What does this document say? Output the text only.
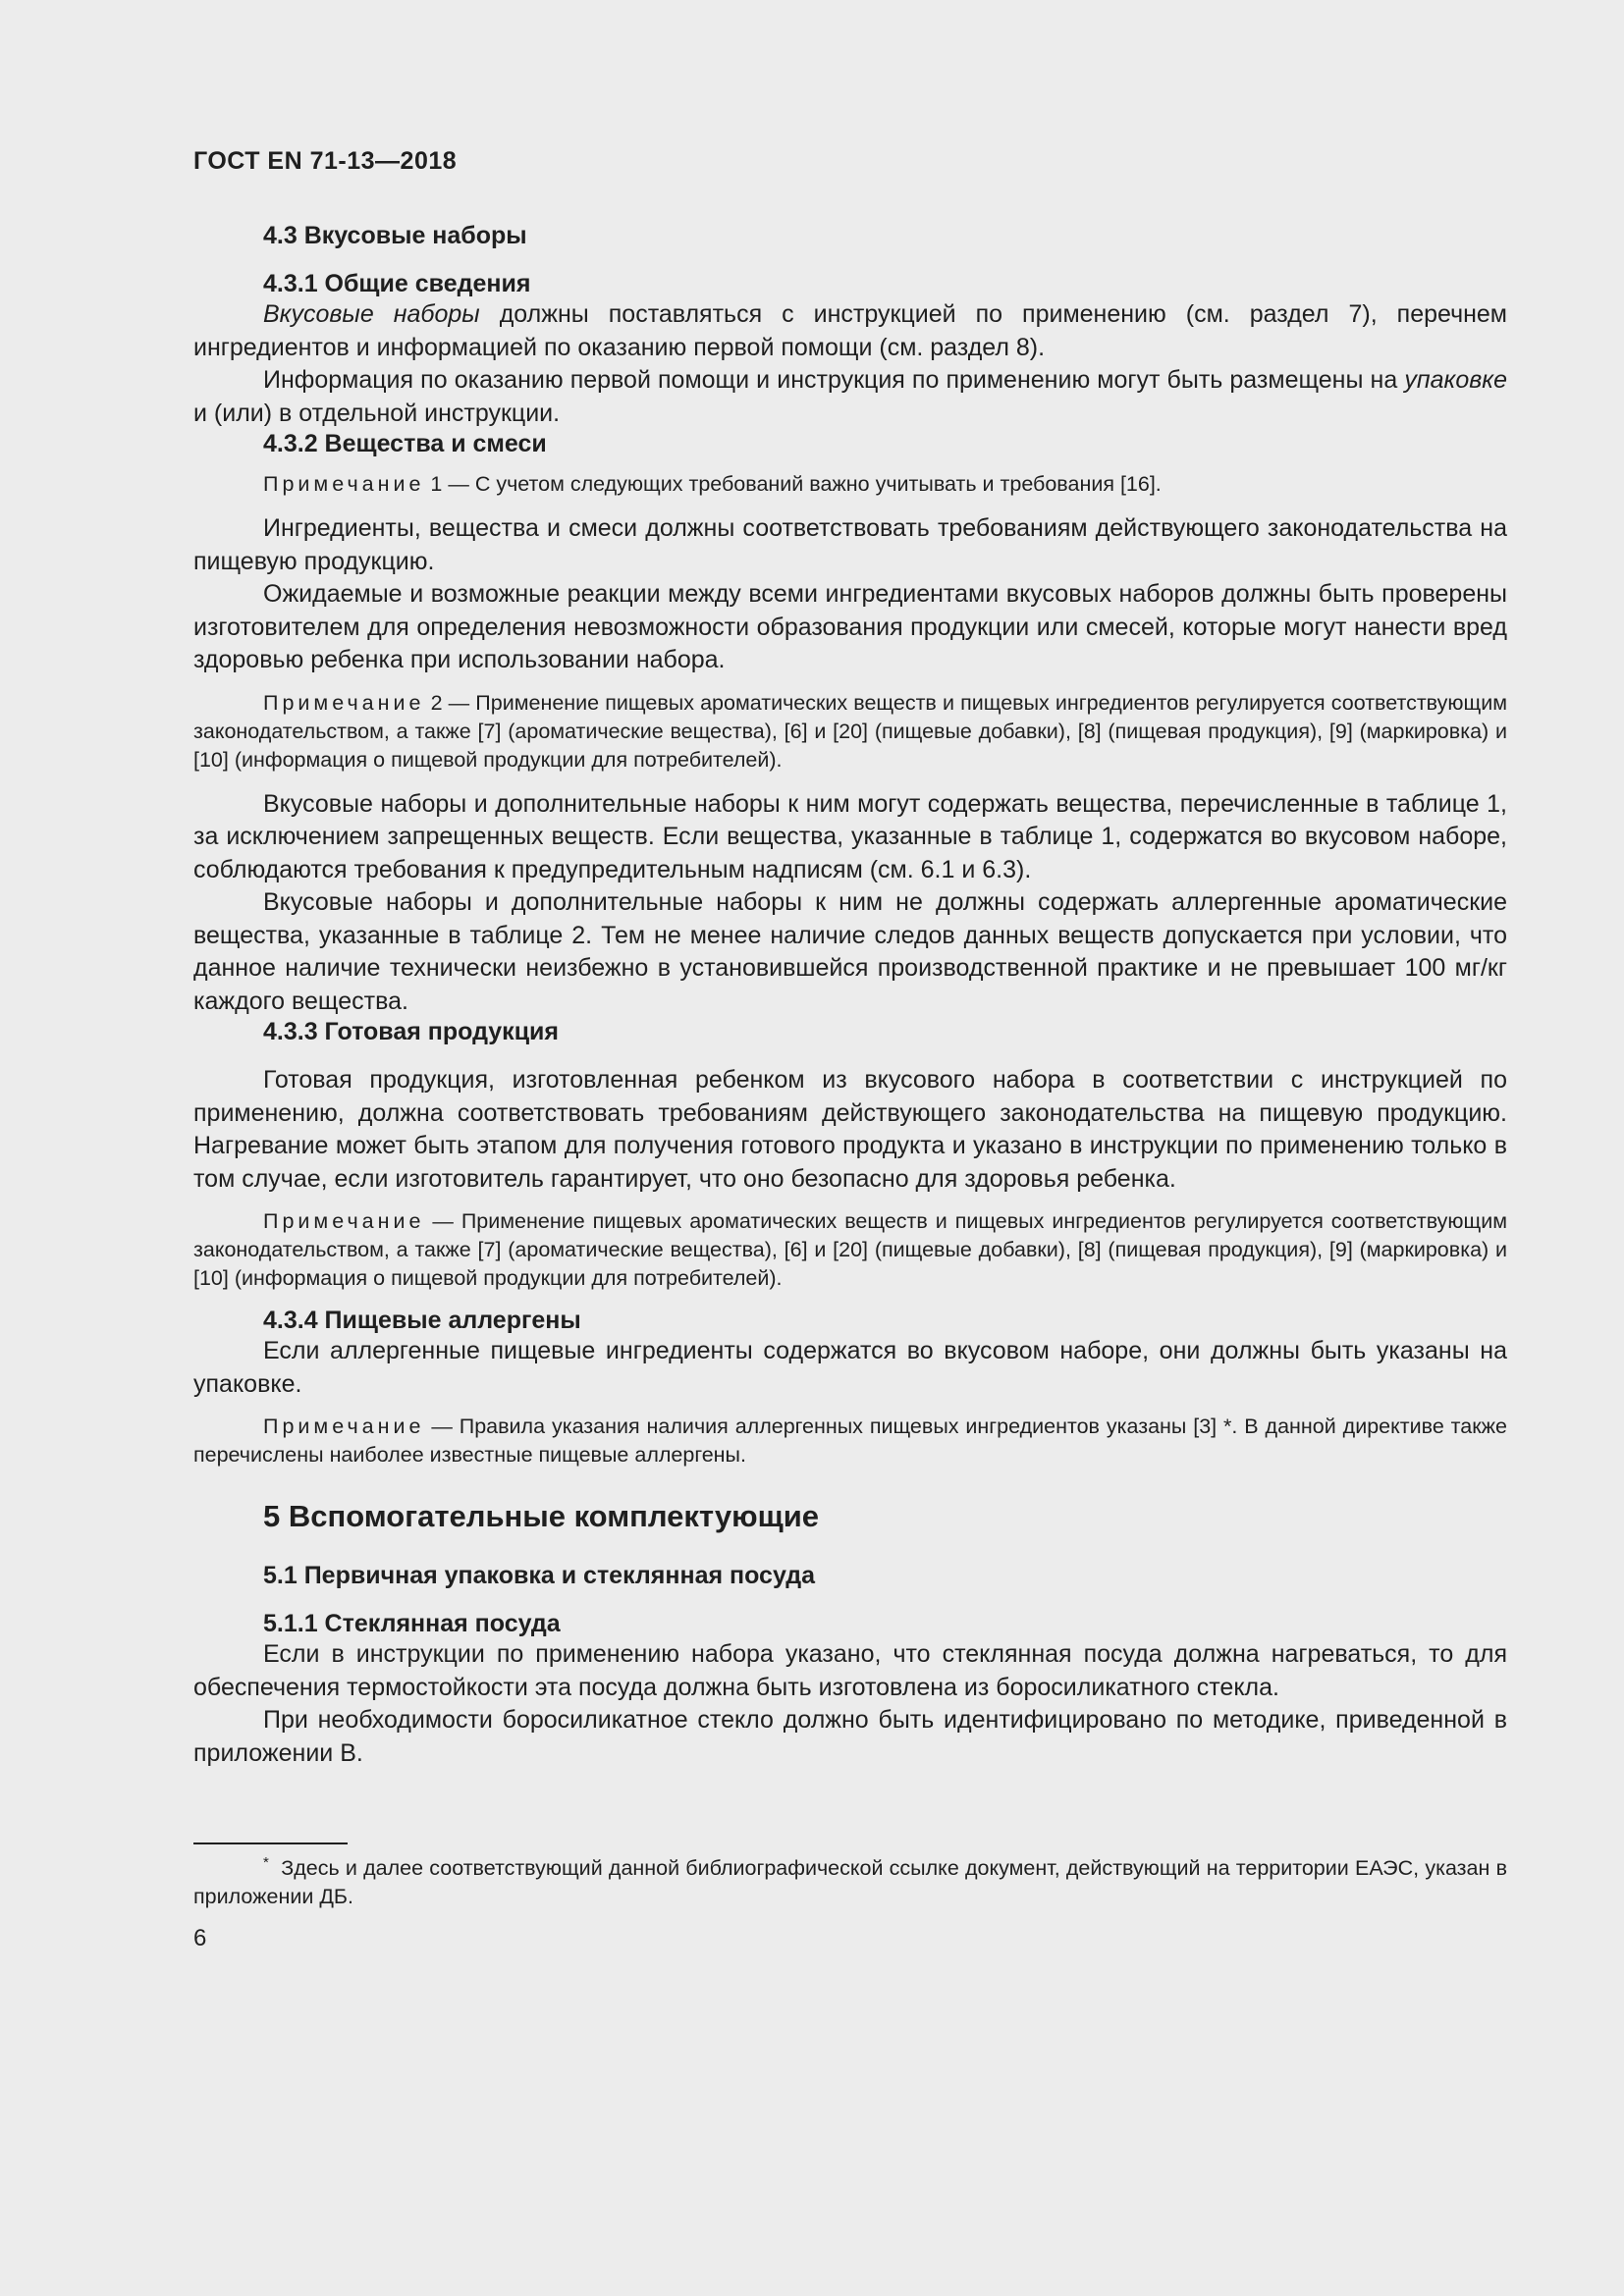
ГОСТ EN 71-13—2018
4.3 Вкусовые наборы
4.3.1 Общие сведения

Вкусовые наборы должны поставляться с инструкцией по применению (см. раздел 7), перечнем ингредиентов и информацией по оказанию первой помощи (см. раздел 8).

Информация по оказанию первой помощи и инструкция по применению могут быть размещены на упаковке и (или) в отдельной инструкции.

4.3.2 Вещества и смеси

Примечание 1 — С учетом следующих требований важно учитывать и требования [16].

Ингредиенты, вещества и смеси должны соответствовать требованиям действующего законодательства на пищевую продукцию.

Ожидаемые и возможные реакции между всеми ингредиентами вкусовых наборов должны быть проверены изготовителем для определения невозможности образования продукции или смесей, которые могут нанести вред здоровью ребенка при использовании набора.

Примечание 2 — Применение пищевых ароматических веществ и пищевых ингредиентов регулируется соответствующим законодательством, а также [7] (ароматические вещества), [6] и [20] (пищевые добавки), [8] (пищевая продукция), [9] (маркировка) и [10] (информация о пищевой продукции для потребителей).

Вкусовые наборы и дополнительные наборы к ним могут содержать вещества, перечисленные в таблице 1, за исключением запрещенных веществ. Если вещества, указанные в таблице 1, содержатся во вкусовом наборе, соблюдаются требования к предупредительным надписям (см. 6.1 и 6.3).

Вкусовые наборы и дополнительные наборы к ним не должны содержать аллергенные ароматические вещества, указанные в таблице 2. Тем не менее наличие следов данных веществ допускается при условии, что данное наличие технически неизбежно в установившейся производственной практике и не превышает 100 мг/кг каждого вещества.

4.3.3 Готовая продукция

Готовая продукция, изготовленная ребенком из вкусового набора в соответствии с инструкцией по применению, должна соответствовать требованиям действующего законодательства на пищевую продукцию. Нагревание может быть этапом для получения готового продукта и указано в инструкции по применению только в том случае, если изготовитель гарантирует, что оно безопасно для здоровья ребенка.

Примечание — Применение пищевых ароматических веществ и пищевых ингредиентов регулируется соответствующим законодательством, а также [7] (ароматические вещества), [6] и [20] (пищевые добавки), [8] (пищевая продукция), [9] (маркировка) и [10] (информация о пищевой продукции для потребителей).

4.3.4 Пищевые аллергены

Если аллергенные пищевые ингредиенты содержатся во вкусовом наборе, они должны быть указаны на упаковке.

Примечание — Правила указания наличия аллергенных пищевых ингредиентов указаны [3] *. В данной директиве также перечислены наиболее известные пищевые аллергены.

5 Вспомогательные комплектующие
5.1 Первичная упаковка и стеклянная посуда
5.1.1 Стеклянная посуда

Если в инструкции по применению набора указано, что стеклянная посуда должна нагреваться, то для обеспечения термостойкости эта посуда должна быть изготовлена из боросиликатного стекла.

При необходимости боросиликатное стекло должно быть идентифицировано по методике, приведенной в приложении В.

* Здесь и далее соответствующий данной библиографической ссылке документ, действующий на территории ЕАЭС, указан в приложении ДБ.

6
